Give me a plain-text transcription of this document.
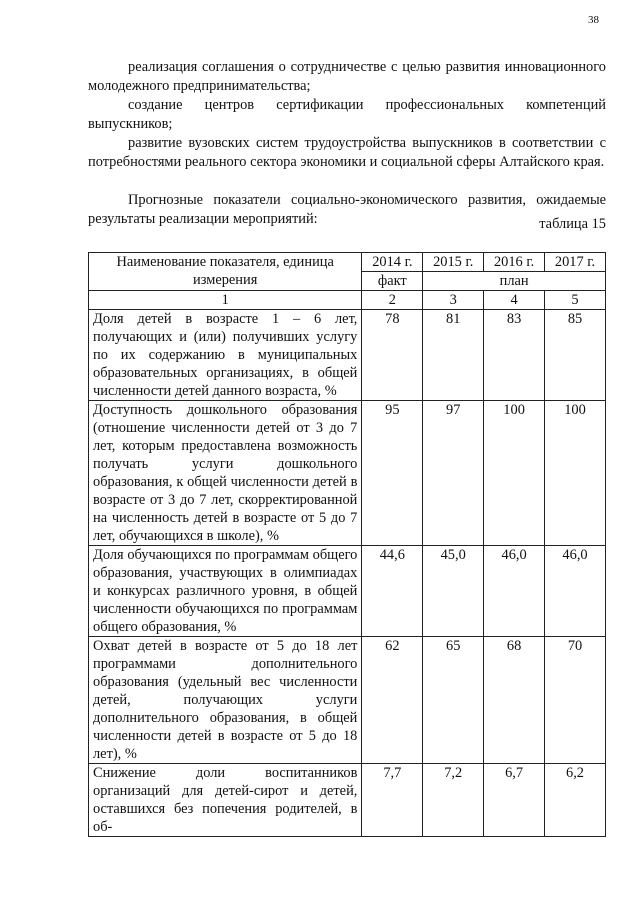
38

реализация соглашения о сотрудничестве с целью развития инновационного молодежного предпринимательства;

создание центров сертификации профессиональных компетенций выпускников;

развитие вузовских систем трудоустройства выпускников в соответствии с потребностями реального сектора экономики и социальной сферы Алтайского края.

Прогнозные показатели социально-экономического развития, ожидаемые результаты реализации мероприятий:	таблица 15
Наименование показателя, единица измерения	2014 г.	2015 г.	2016 г.	2017 г.
	факт	план		
1	2	3	4	5
Доля детей в возрасте 1 – 6 лет, получающих и (или) получивших услугу по их содержанию в муниципальных образовательных организациях, в общей численности детей данного возраста, %	78	81	83	85
Доступность дошкольного образования (отношение численности детей от 3 до 7 лет, которым предоставлена возможность получать услуги дошкольного образования, к общей численности детей в возрасте от 3 до 7 лет, скорректированной на численность детей в возрасте от 5 до 7 лет, обучающихся в школе), %	95	97	100	100
Доля обучающихся по программам общего образования, участвующих в олимпиадах и конкурсах различного уровня, в общей численности обучающихся по программам общего образования, %	44,6	45,0	46,0	46,0
Охват детей в возрасте от 5 до 18 лет программами дополнительного образования (удельный вес численности детей, получающих услуги дополнительного образования, в общей численности детей в возрасте от 5 до 18 лет), %	62	65	68	70
Снижение доли воспитанников организаций для детей-сирот и детей, оставшихся без попечения родителей, в об-	7,7	7,2	6,7	6,2
